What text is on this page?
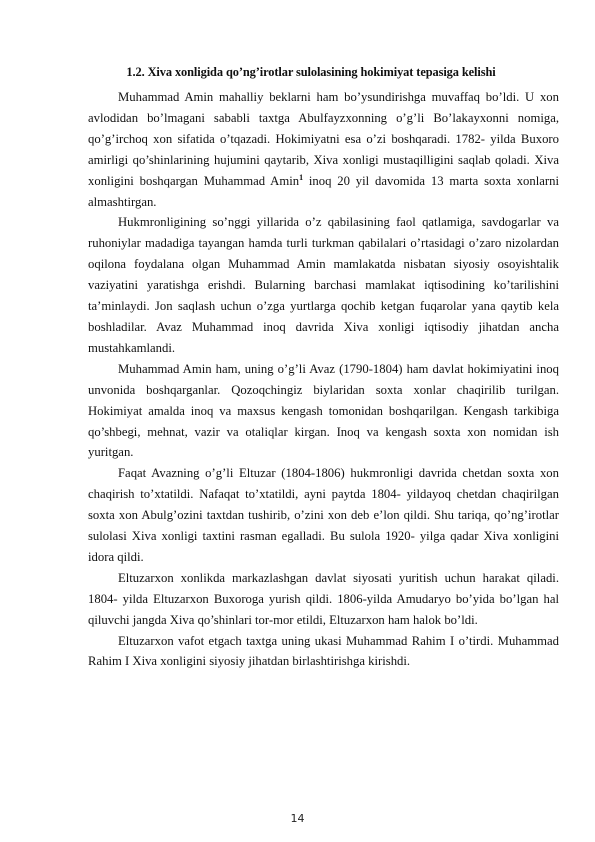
1.2. Xiva xonligida qo’ng’irotlar sulolasining hokimiyat tepasiga kelishi

Muhammad Amin mahalliy beklarni ham bo’ysundirishga muvaffaq bo’ldi. U xon avlodidan bo’lmagani sababli taxtga Abulfayzxonning o’g’li Bo’lakayxonni nomiga, qo’g’irchoq xon sifatida o’tqazadi. Hokimiyatni esa o’zi boshqaradi. 1782- yilda Buxoro amirligi qo’shinlarining hujumini qaytarib, Xiva xonligi mustaqilligini saqlab qoladi. Xiva xonligini boshqargan Muhammad Amin$^1$ inoq 20 yil davomida 13 marta soxta xonlarni almashtirgan.

Hukmronligining so’nggi yillarida o’z qabilasining faol qatlamiga, savdogarlar va ruhoniylar madadiga tayangan hamda turli turkman qabilalari o’rtasidagi o’zaro nizolardan oqilona foydalana olgan Muhammad Amin mamlakatda nisbatan siyosiy osoyishtalik vaziyatini yaratishga erishdi. Bularning barchasi mamlakat iqtisodining ko’tarilishini ta’minlaydi. Jon saqlash uchun o’zga yurtlarga qochib ketgan fuqarolar yana qaytib kela boshladilar. Avaz Muhammad inoq davrida Xiva xonligi iqtisodiy jihatdan ancha mustahkamlandi.

Muhammad Amin ham, uning o’g’li Avaz (1790-1804) ham davlat hokimiyatini inoq unvonida boshqarganlar. Qozoqchingiz biylaridan soxta xonlar chaqirilib turilgan. Hokimiyat amalda inoq va maxsus kengash tomonidan boshqarilgan. Kengash tarkibiga qo’shbegi, mehnat, vazir va otaliqlar kirgan. Inoq va kengash soxta xon nomidan ish yuritgan.

Faqat Avazning o’g’li Eltuzar (1804-1806) hukmronligi davrida chetdan soxta xon chaqirish to’xtatildi. Nafaqat to’xtatildi, ayni paytda 1804- yildayoq chetdan chaqirilgan soxta xon Abulg’ozini taxtdan tushirib, o’zini xon deb e’lon qildi. Shu tariqa, qo’ng’irotlar sulolasi Xiva xonligi taxtini rasman egalladi. Bu sulola 1920- yilga qadar Xiva xonligini idora qildi.

Eltuzarxon xonlikda markazlashgan davlat siyosati yuritish uchun harakat qiladi. 1804- yilda Eltuzarxon Buxoroga yurish qildi. 1806-yilda Amudaryo bo’yida bo’lgan hal qiluvchi jangda Xiva qo’shinlari tor-mor etildi, Eltuzarxon ham halok bo’ldi.

Eltuzarxon vafot etgach taxtga uning ukasi Muhammad Rahim I o’tirdi. Muhammad Rahim I Xiva xonligini siyosiy jihatdan birlashtirishga kirishdi.

14
